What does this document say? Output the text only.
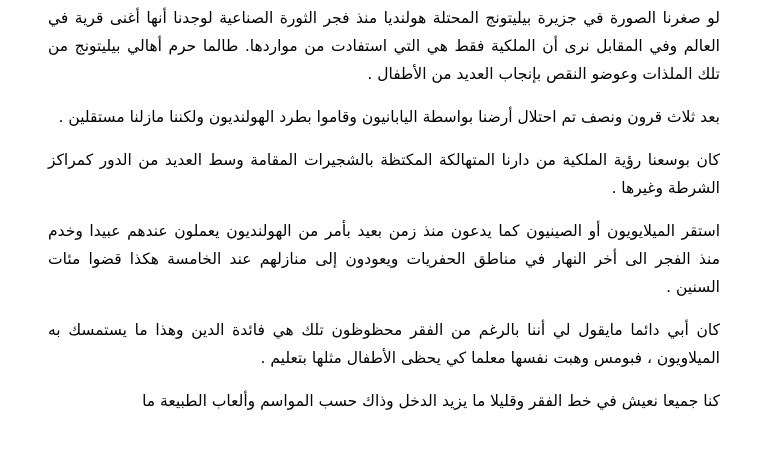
لو صغرنا الصورة في جزيرة بيليتونج المحتلة هولنديا منذ فجر الثورة الصناعية لوجدنا أنها أغنى قرية في العالم وفي المقابل نرى أن الملكية فقط هي التي استفادت من مواردها. طالما حرم أهالي بيليتونج من تلك الملذات وعوضو النقص بإنجاب العديد من الأطفال .

بعد ثلاث قرون ونصف تم احتلال أرضنا بواسطة اليابانيون وقاموا بطرد الهولنديون ولكننا مازلنا مستقلين .

كان بوسعنا رؤية الملكية من دارنا المتهالكة المكتظة بالشجيرات المقامة وسط العديد من الدور كمراكز الشرطة وغيرها .

استقر الميلايويون أو الصينيون كما يدعون منذ زمن بعيد بأمر من الهولنديون يعملون عندهم عبيدا وخدم منذ الفجر الى أخر النهار في مناطق الحفريات ويعودون إلى منازلهم عند الخامسة هكذا قضوا مئات السنين .

كان أبي دائما مايقول لي أننا بالرغم من الفقر محظوظون تلك هي فائدة الدين وهذا ما يستمسك به الميلاويون ، فبومس وهبت نفسها معلما كي يحظى الأطفال مثلها بتعليم .

كنا جميعا نعيش في خط الفقر وقليلا ما يزيد الدخل وذاك حسب المواسم وألعاب الطبيعة ما
